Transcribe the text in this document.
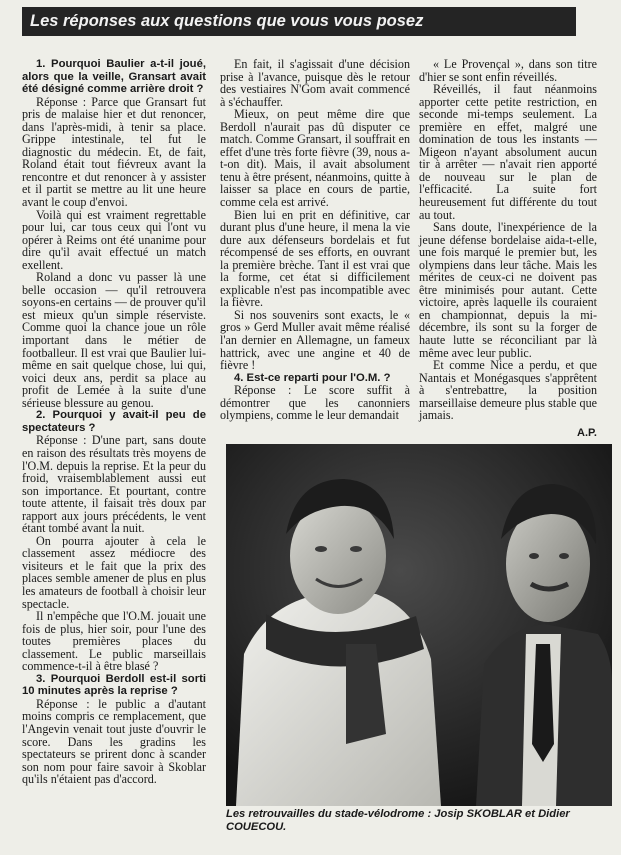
Les réponses aux questions que vous vous posez

1. Pourquoi Baulier a-t-il joué, alors que la veille, Gransart avait été désigné comme arrière droit ?

Réponse : Parce que Gransart fut pris de malaise hier et dut renoncer, dans l'après-midi, à tenir sa place. Grippe intestinale, tel fut le diagnostic du médecin. Et, de fait, Roland était tout fiévreux avant la rencontre et dut renoncer à y assister et il partit se mettre au lit une heure avant le coup d'envoi.

Voilà qui est vraiment regrettable pour lui, car tous ceux qui l'ont vu opérer à Reims ont été unanime pour dire qu'il avait effectué un match exellent.

Roland a donc vu passer là une belle occasion — qu'il retrouvera soyons-en certains — de prouver qu'il est mieux qu'un simple réserviste. Comme quoi la chance joue un rôle important dans le métier de footballeur. Il est vrai que Baulier lui-même en sait quelque chose, lui qui, voici deux ans, perdit sa place au profit de Lemée à la suite d'une sérieuse blessure au genou.

2. Pourquoi y avait-il peu de spectateurs ?

Réponse : D'une part, sans doute en raison des résultats très moyens de l'O.M. depuis la reprise. Et la peur du froid, vraisemblablement aussi eut son importance. Et pourtant, contre toute attente, il faisait très doux par rapport aux jours précédents, le vent étant tombé avant la nuit.

On pourra ajouter à cela le classement assez médiocre des visiteurs et le fait que la prix des places semble amener de plus en plus les amateurs de football à choisir leur spectacle.

Il n'empêche que l'O.M. jouait une fois de plus, hier soir, pour l'une des toutes premières places du classement. Le public marseillais commence-t-il à être blasé ?

3. Pourquoi Berdoll est-il sorti 10 minutes après la reprise ?

Réponse : le public a d'autant moins compris ce remplacement, que l'Angevin venait tout juste d'ouvrir le score. Dans les gradins les spectateurs se prirent donc à scander son nom pour faire savoir à Skoblar qu'ils n'étaient pas d'accord.

En fait, il s'agissait d'une décision prise à l'avance, puisque dès le retour des vestiaires N'Gom avait commencé à s'échauffer.

Mieux, on peut même dire que Berdoll n'aurait pas dû disputer ce match. Comme Gransart, il souffrait en effet d'une très forte fièvre (39, nous a-t-on dit). Mais, il avait absolument tenu à être présent, néanmoins, quitte à laisser sa place en cours de partie, comme cela est arrivé.

Bien lui en prit en définitive, car durant plus d'une heure, il mena la vie dure aux défenseurs bordelais et fut récompensé de ses efforts, en ouvrant la première brèche. Tant il est vrai que la forme, cet état si difficilement explicable n'est pas incompatible avec la fièvre.

Si nos souvenirs sont exacts, le « gros » Gerd Muller avait même réalisé l'an dernier en Allemagne, un fameux hattrick, avec une angine et 40 de fièvre !

4. Est-ce reparti pour l'O.M. ?

Réponse : Le score suffit à démontrer que les canonniers olympiens, comme le leur demandait

« Le Provençal », dans son titre d'hier se sont enfin réveillés.

Réveillés, il faut néanmoins apporter cette petite restriction, en seconde mi-temps seulement. La première en effet, malgré une domination de tous les instants — Migeon n'ayant absolument aucun tir à arrêter — n'avait rien apporté de nouveau sur le plan de l'efficacité. La suite fort heureusement fut différente du tout au tout.

Sans doute, l'inexpérience de la jeune défense bordelaise aida-t-elle, une fois marqué le premier but, les olympiens dans leur tâche. Mais les mérites de ceux-ci ne doivent pas être minimisés pour autant. Cette victoire, après laquelle ils couraient en championnat, depuis la mi-décembre, ils sont su la forger de haute lutte se réconciliant par là même avec leur public.

Et comme Nice a perdu, et que Nantais et Monégasques s'apprêtent à s'entrebattre, la position marseillaise demeure plus stable que jamais.

A.P.
Les retrouvailles du stade-vélodrome : Josip SKOBLAR et Didier COUECOU.
